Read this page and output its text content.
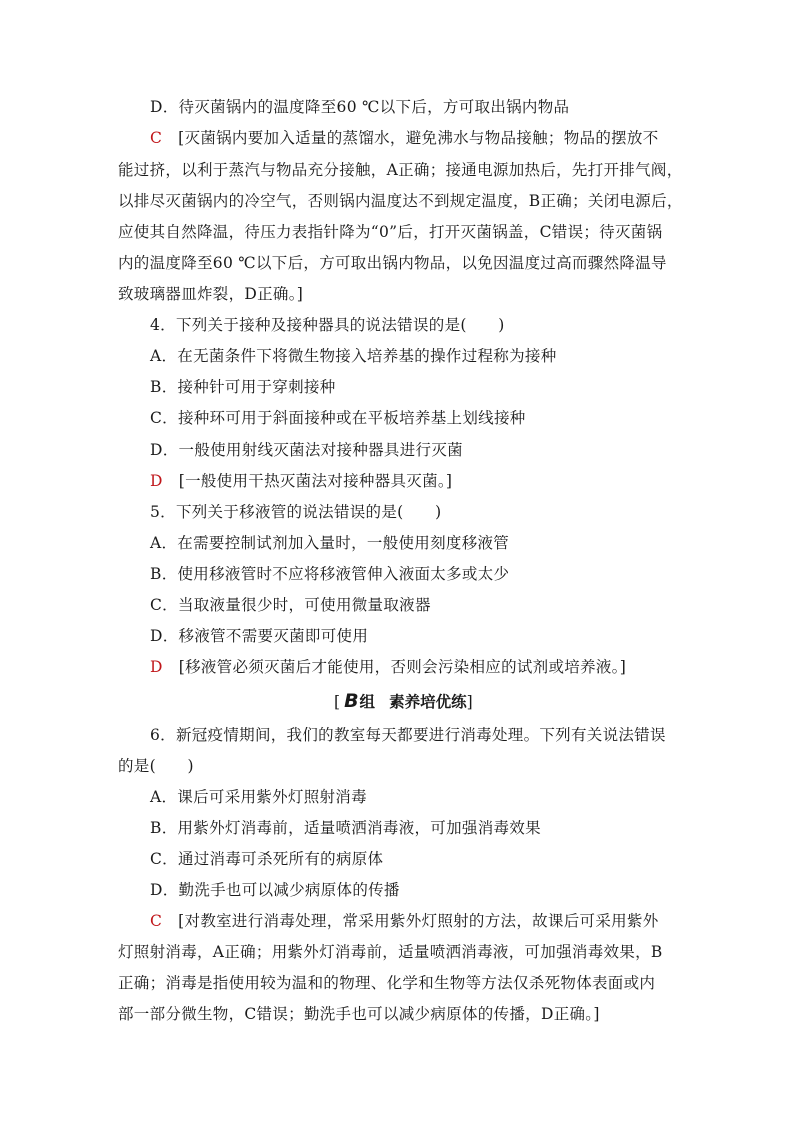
D．待灭菌锅内的温度降至60 ℃以下后，方可取出锅内物品
C [灭菌锅内要加入适量的蒸馏水，避免沸水与物品接触；物品的摆放不
能过挤，以利于蒸汽与物品充分接触，A正确；接通电源加热后，先打开排气阀，
以排尽灭菌锅内的冷空气，否则锅内温度达不到规定温度，B正确；关闭电源后，
应使其自然降温，待压力表指针降为“0”后，打开灭菌锅盖，C错误；待灭菌锅
内的温度降至60 ℃以下后，方可取出锅内物品，以免因温度过高而骤然降温导
致玻璃器皿炸裂，D正确。]
4．下列关于接种及接种器具的说法错误的是(　　)
A．在无菌条件下将微生物接入培养基的操作过程称为接种
B．接种针可用于穿刺接种
C．接种环可用于斜面接种或在平板培养基上划线接种
D．一般使用射线灭菌法对接种器具进行灭菌
D [一般使用干热灭菌法对接种器具灭菌。]
5．下列关于移液管的说法错误的是(　　)
A．在需要控制试剂加入量时，一般使用刻度移液管
B．使用移液管时不应将移液管伸入液面太多或太少
C．当取液量很少时，可使用微量取液器
D．移液管不需要灭菌即可使用
D [移液管必须灭菌后才能使用，否则会污染相应的试剂或培养液。]
[ B组 素养培优练]
6．新冠疫情期间，我们的教室每天都要进行消毒处理。下列有关说法错误
的是(　　)
A．课后可采用紫外灯照射消毒
B．用紫外灯消毒前，适量喷洒消毒液，可加强消毒效果
C．通过消毒可杀死所有的病原体
D．勤洗手也可以减少病原体的传播
C [对教室进行消毒处理，常采用紫外灯照射的方法，故课后可采用紫外
灯照射消毒，A正确；用紫外灯消毒前，适量喷洒消毒液，可加强消毒效果，B
正确；消毒是指使用较为温和的物理、化学和生物等方法仅杀死物体表面或内
部一部分微生物，C错误；勤洗手也可以减少病原体的传播，D正确。]
